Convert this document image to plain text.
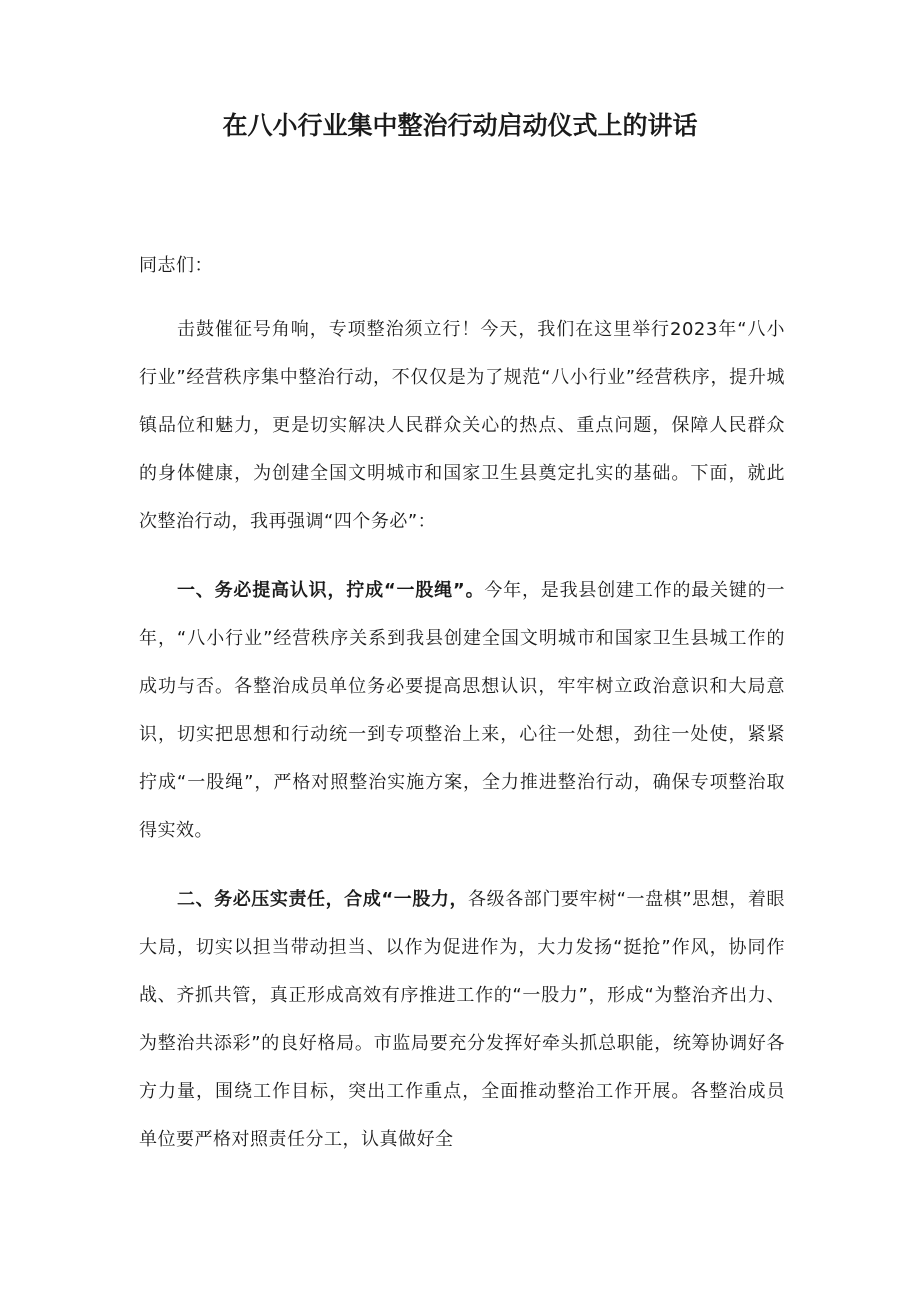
在八小行业集中整治行动启动仪式上的讲话

同志们：

击鼓催征号角响，专项整治须立行！今天，我们在这里举行2023年“八小行业”经营秩序集中整治行动，不仅仅是为了规范“八小行业”经营秩序，提升城镇品位和魅力，更是切实解决人民群众关心的热点、重点问题，保障人民群众的身体健康，为创建全国文明城市和国家卫生县奠定扎实的基础。下面，就此次整治行动，我再强调“四个务必”：

一、务必提高认识，拧成“一股绳”。今年，是我县创建工作的最关键的一年，“八小行业”经营秩序关系到我县创建全国文明城市和国家卫生县城工作的成功与否。各整治成员单位务必要提高思想认识，牢牢树立政治意识和大局意识，切实把思想和行动统一到专项整治上来，心往一处想，劲往一处使，紧紧拧成“一股绳”，严格对照整治实施方案，全力推进整治行动，确保专项整治取得实效。

二、务必压实责任，合成“一股力，各级各部门要牢树“一盘棋”思想，着眼大局，切实以担当带动担当、以作为促进作为，大力发扬“挺抢”作风，协同作战、齐抓共管，真正形成高效有序推进工作的“一股力”，形成“为整治齐出力、为整治共添彩”的良好格局。市监局要充分发挥好牵头抓总职能，统筹协调好各方力量，围绕工作目标，突出工作重点，全面推动整治工作开展。各整治成员单位要严格对照责任分工，认真做好全
